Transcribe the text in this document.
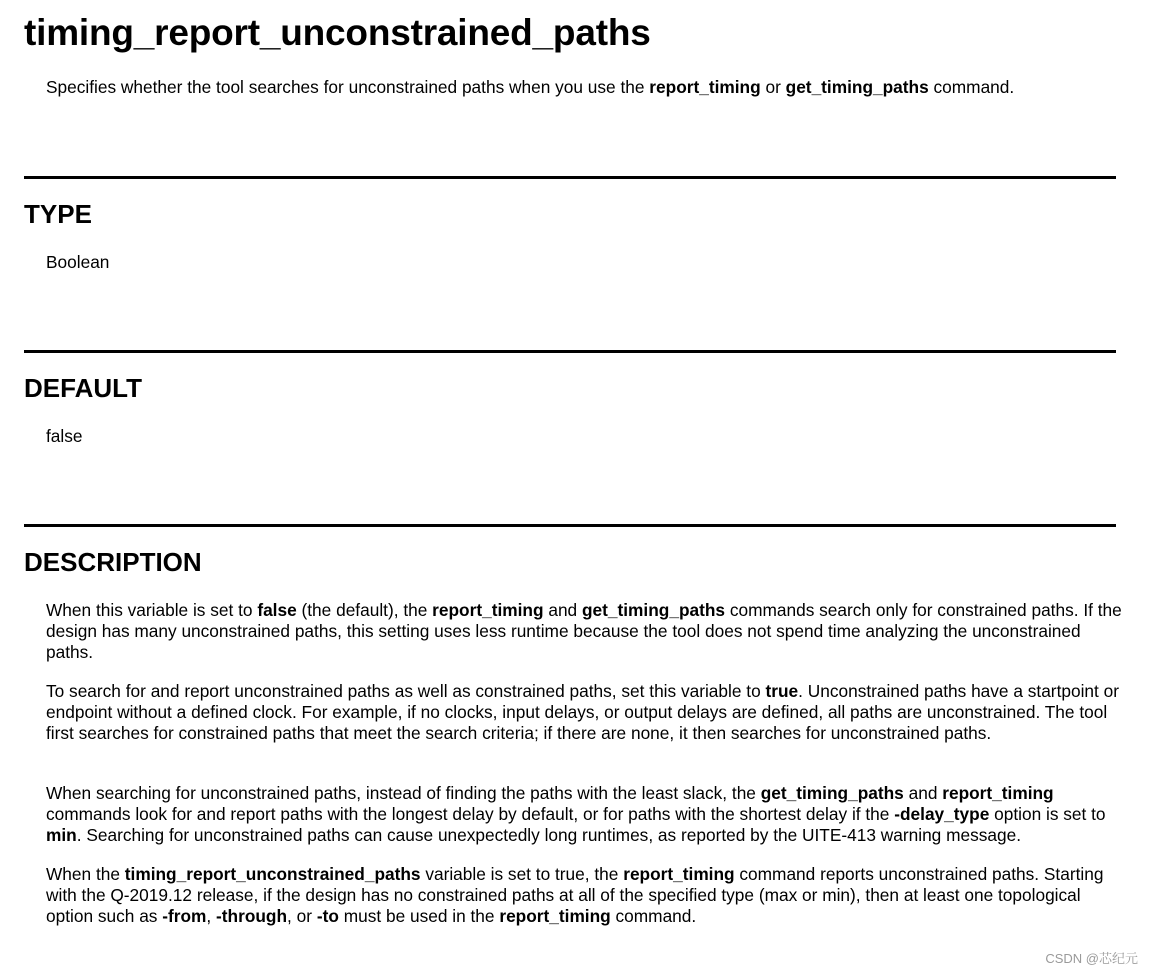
timing_report_unconstrained_paths

Specifies whether the tool searches for unconstrained paths when you use the report_timing or get_timing_paths command.

TYPE

Boolean

DEFAULT

false

DESCRIPTION

When this variable is set to false (the default), the report_timing and get_timing_paths commands search only for constrained paths. If the design has many unconstrained paths, this setting uses less runtime because the tool does not spend time analyzing the unconstrained paths.

To search for and report unconstrained paths as well as constrained paths, set this variable to true. Unconstrained paths have a startpoint or endpoint without a defined clock. For example, if no clocks, input delays, or output delays are defined, all paths are unconstrained. The tool first searches for constrained paths that meet the search criteria; if there are none, it then searches for unconstrained paths.

When searching for unconstrained paths, instead of finding the paths with the least slack, the get_timing_paths and report_timing commands look for and report paths with the longest delay by default, or for paths with the shortest delay if the -delay_type option is set to min. Searching for unconstrained paths can cause unexpectedly long runtimes, as reported by the UITE-413 warning message.

When the timing_report_unconstrained_paths variable is set to true, the report_timing command reports unconstrained paths. Starting with the Q-2019.12 release, if the design has no constrained paths at all of the specified type (max or min), then at least one topological option such as -from, -through, or -to must be used in the report_timing command.

CSDN @芯纪元
